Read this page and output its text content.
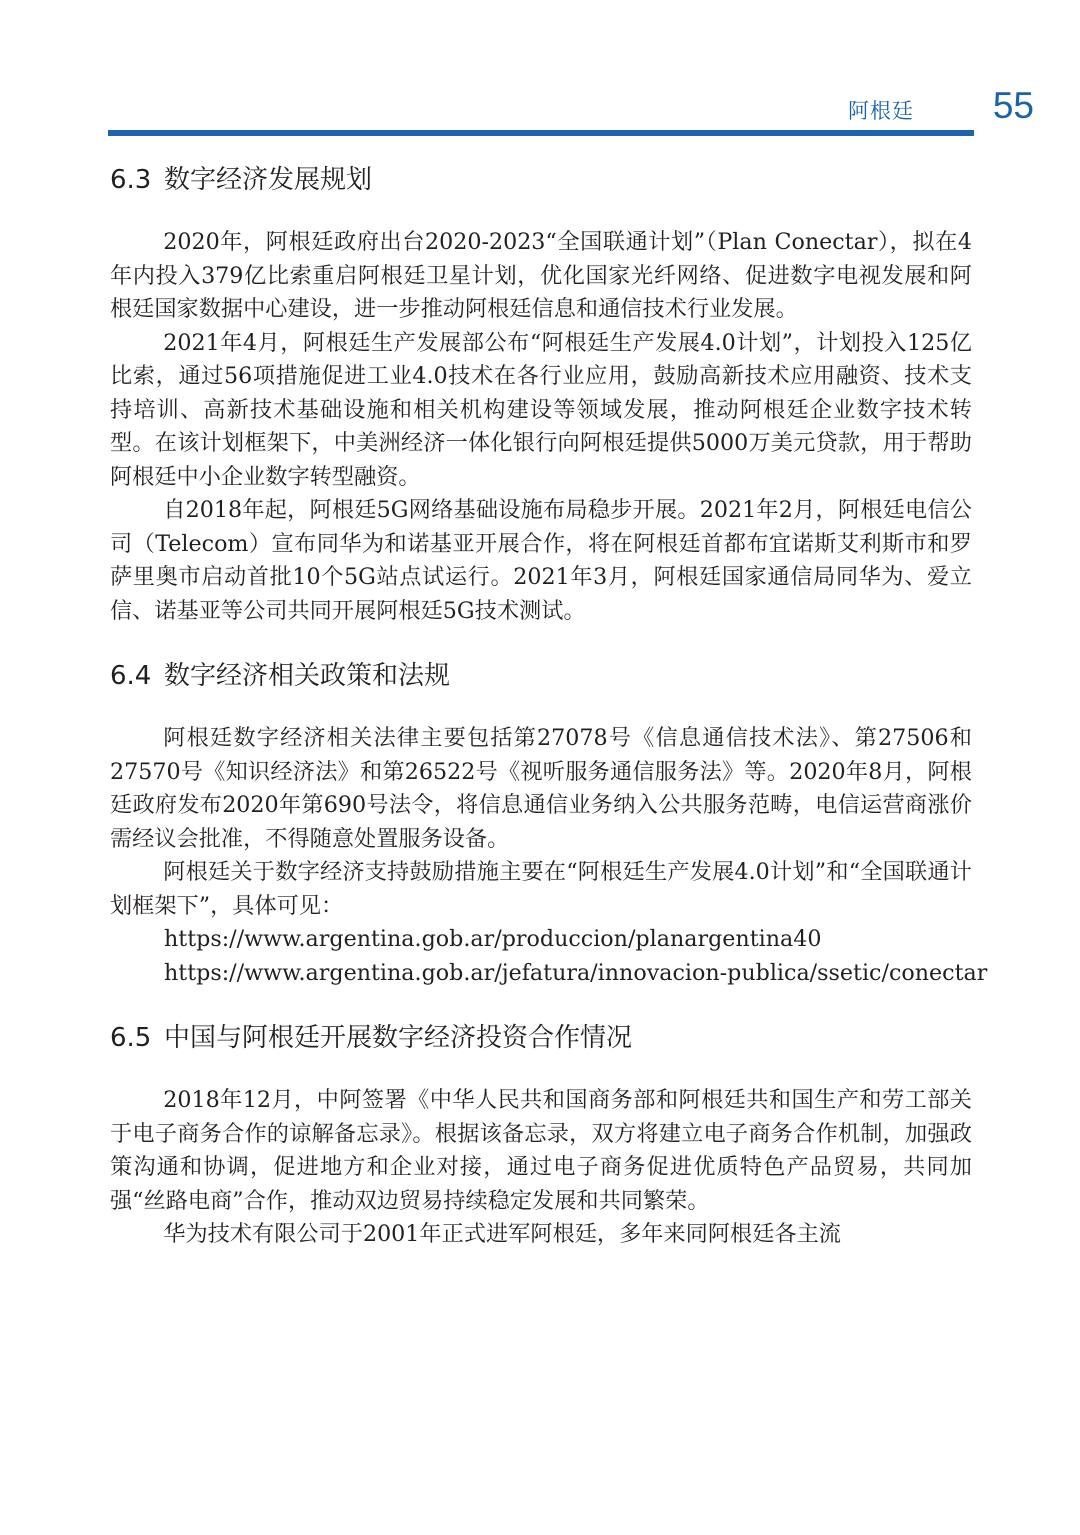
阿根廷 55
6.3 数字经济发展规划

2020年，阿根廷政府出台2020-2023“全国联通计划”（Plan Conectar），拟在4年内投入379亿比索重启阿根廷卫星计划，优化国家光纤网络、促进数字电视发展和阿根廷国家数据中心建设，进一步推动阿根廷信息和通信技术行业发展。

2021年4月，阿根廷生产发展部公布“阿根廷生产发展4.0计划”，计划投入125亿比索，通过56项措施促进工业4.0技术在各行业应用，鼓励高新技术应用融资、技术支持培训、高新技术基础设施和相关机构建设等领域发展，推动阿根廷企业数字技术转型。在该计划框架下，中美洲经济一体化银行向阿根廷提供5000万美元贷款，用于帮助阿根廷中小企业数字转型融资。

自2018年起，阿根廷5G网络基础设施布局稳步开展。2021年2月，阿根廷电信公司（Telecom）宣布同华为和诺基亚开展合作，将在阿根廷首都布宜诺斯艾利斯市和罗萨里奥市启动首批10个5G站点试运行。2021年3月，阿根廷国家通信局同华为、爱立信、诺基亚等公司共同开展阿根廷5G技术测试。

6.4 数字经济相关政策和法规

阿根廷数字经济相关法律主要包括第27078号《信息通信技术法》、第27506和27570号《知识经济法》和第26522号《视听服务通信服务法》等。2020年8月，阿根廷政府发布2020年第690号法令，将信息通信业务纳入公共服务范畴，电信运营商涨价需经议会批准，不得随意处置服务设备。

阿根廷关于数字经济支持鼓励措施主要在“阿根廷生产发展4.0计划”和“全国联通计划框架下”，具体可见：

https://www.argentina.gob.ar/produccion/planargentina40

https://www.argentina.gob.ar/jefatura/innovacion-publica/ssetic/conectar

6.5 中国与阿根廷开展数字经济投资合作情况

2018年12月，中阿签署《中华人民共和国商务部和阿根廷共和国生产和劳工部关于电子商务合作的谅解备忘录》。根据该备忘录，双方将建立电子商务合作机制，加强政策沟通和协调，促进地方和企业对接，通过电子商务促进优质特色产品贸易，共同加强“丝路电商”合作，推动双边贸易持续稳定发展和共同繁荣。

华为技术有限公司于2001年正式进军阿根廷，多年来同阿根廷各主流
